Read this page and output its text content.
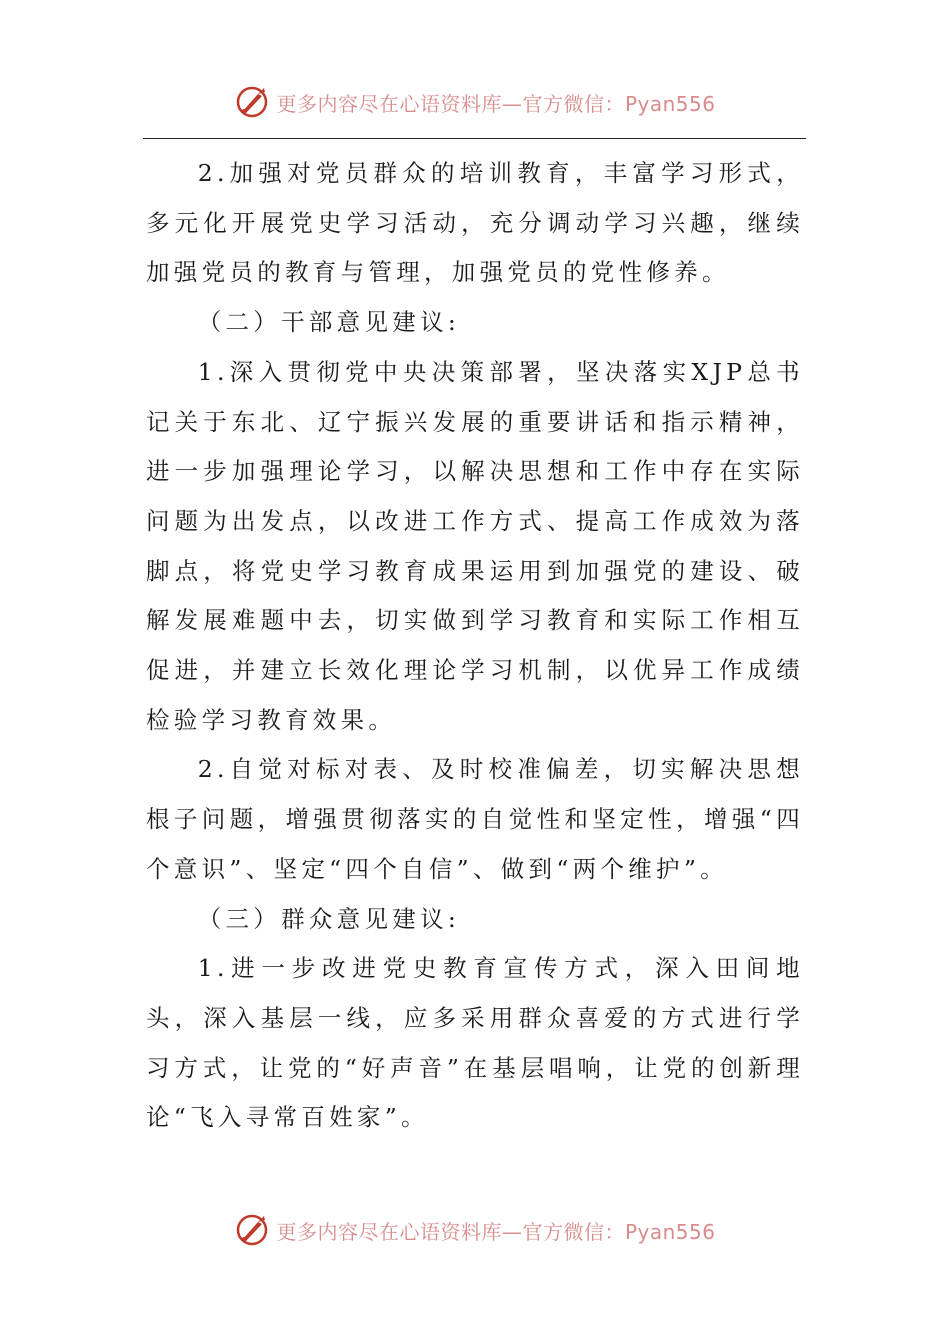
更多内容尽在心语资料库—官方微信：Pyan556

2.加强对党员群众的培训教育，丰富学习形式，多元化开展党史学习活动，充分调动学习兴趣，继续加强党员的教育与管理，加强党员的党性修养。

（二）干部意见建议:

1.深入贯彻党中央决策部署，坚决落实XJP总书记关于东北、辽宁振兴发展的重要讲话和指示精神，进一步加强理论学习，以解决思想和工作中存在实际问题为出发点，以改进工作方式、提高工作成效为落脚点，将党史学习教育成果运用到加强党的建设、破解发展难题中去，切实做到学习教育和实际工作相互促进，并建立长效化理论学习机制，以优异工作成绩检验学习教育效果。

2.自觉对标对表、及时校准偏差，切实解决思想根子问题，增强贯彻落实的自觉性和坚定性，增强“四个意识”、坚定“四个自信”、做到“两个维护”。

（三）群众意见建议:

1.进一步改进党史教育宣传方式，深入田间地头，深入基层一线，应多采用群众喜爱的方式进行学习方式，让党的“好声音”在基层唱响，让党的创新理论“飞入寻常百姓家”。

更多内容尽在心语资料库—官方微信：Pyan556
